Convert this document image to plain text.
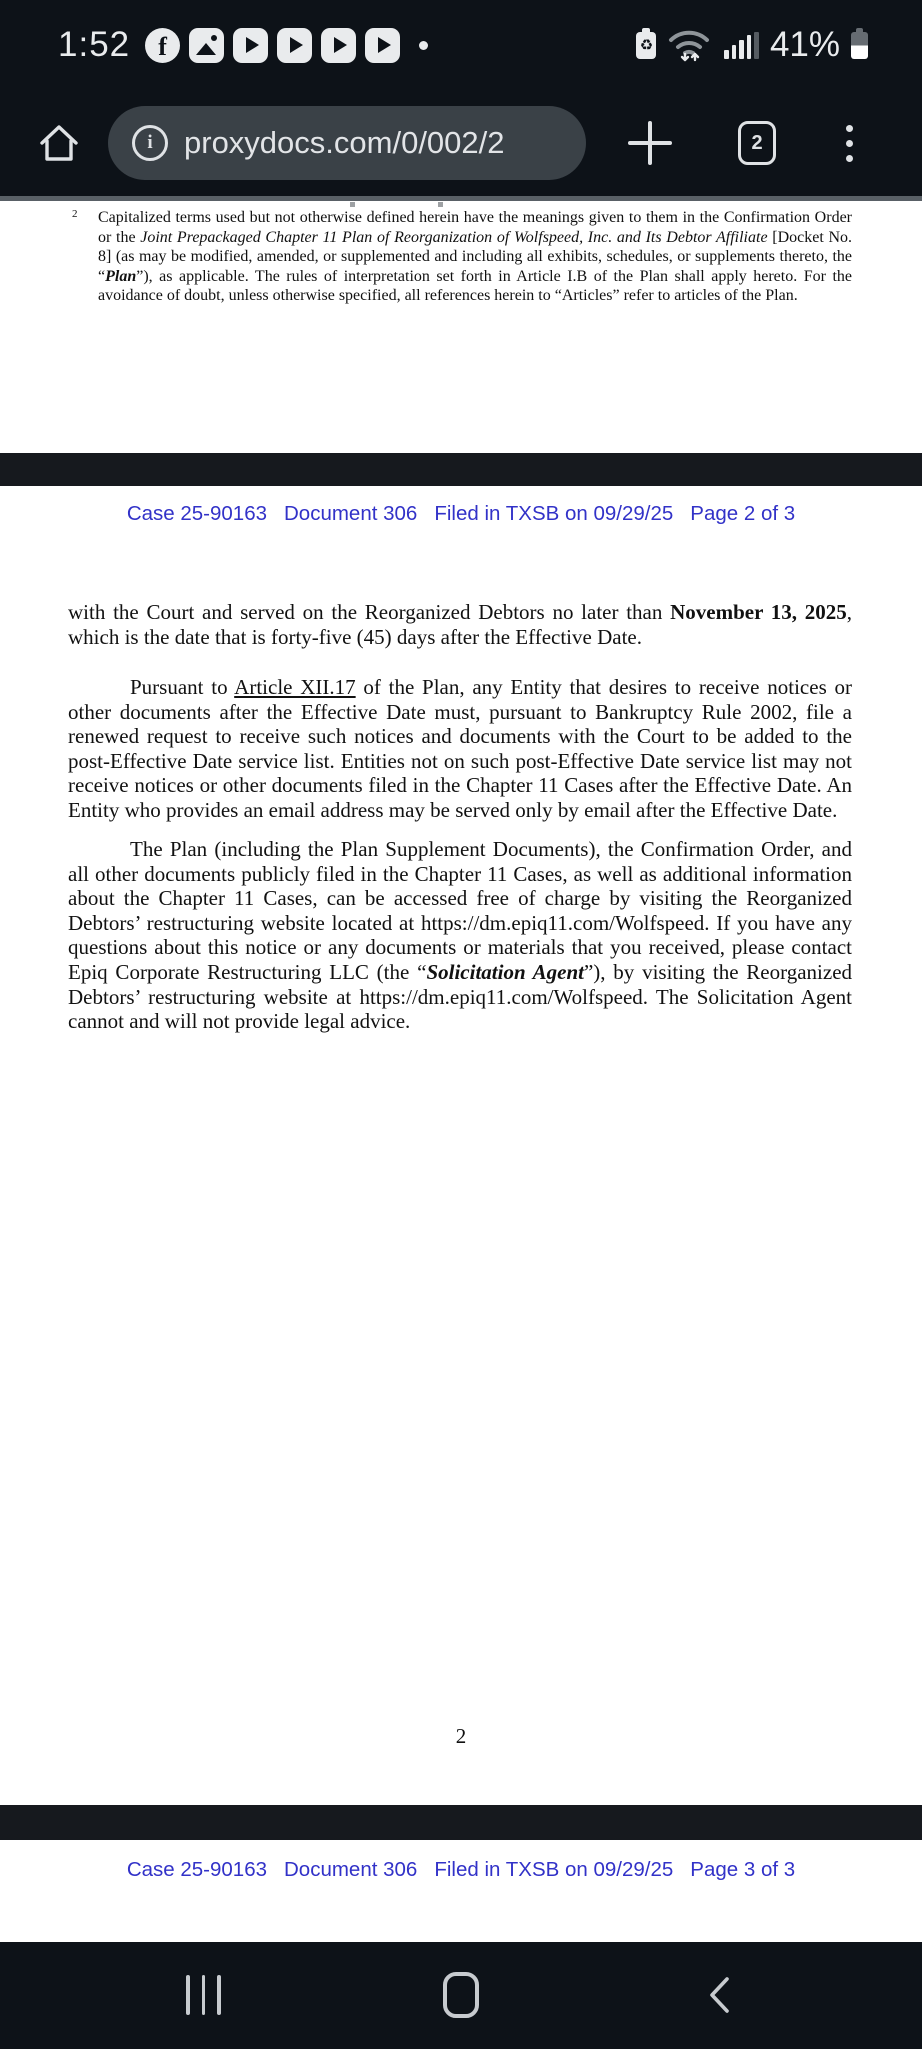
1:52 f	♻	41%
i	proxydocs.com/0/002/2	2
2 Capitalized terms used but not otherwise defined herein have the meanings given to them in the Confirmation Order or the Joint Prepackaged Chapter 11 Plan of Reorganization of Wolfspeed, Inc. and Its Debtor Affiliate [Docket No. 8] (as may be modified, amended, or supplemented and including all exhibits, schedules, or supplements thereto, the “Plan”), as applicable. The rules of interpretation set forth in Article I.B of the Plan shall apply hereto. For the avoidance of doubt, unless otherwise specified, all references herein to “Articles” refer to articles of the Plan.
Case 25-90163 Document 306 Filed in TXSB on 09/29/25 Page 2 of 3

with the Court and served on the Reorganized Debtors no later than November 13, 2025, which is the date that is forty-five (45) days after the Effective Date.

Pursuant to Article XII.17 of the Plan, any Entity that desires to receive notices or other documents after the Effective Date must, pursuant to Bankruptcy Rule 2002, file a renewed request to receive such notices and documents with the Court to be added to the post-Effective Date service list. Entities not on such post-Effective Date service list may not receive notices or other documents filed in the Chapter 11 Cases after the Effective Date. An Entity who provides an email address may be served only by email after the Effective Date.

The Plan (including the Plan Supplement Documents), the Confirmation Order, and all other documents publicly filed in the Chapter 11 Cases, as well as additional information about the Chapter 11 Cases, can be accessed free of charge by visiting the Reorganized Debtors’ restructuring website located at https://dm.epiq11.com/Wolfspeed. If you have any questions about this notice or any documents or materials that you received, please contact Epiq Corporate Restructuring LLC (the “Solicitation Agent”), by visiting the Reorganized Debtors’ restructuring website at https://dm.epiq11.com/Wolfspeed. The Solicitation Agent cannot and will not provide legal advice.

2
Case 25-90163 Document 306 Filed in TXSB on 09/29/25 Page 3 of 3
